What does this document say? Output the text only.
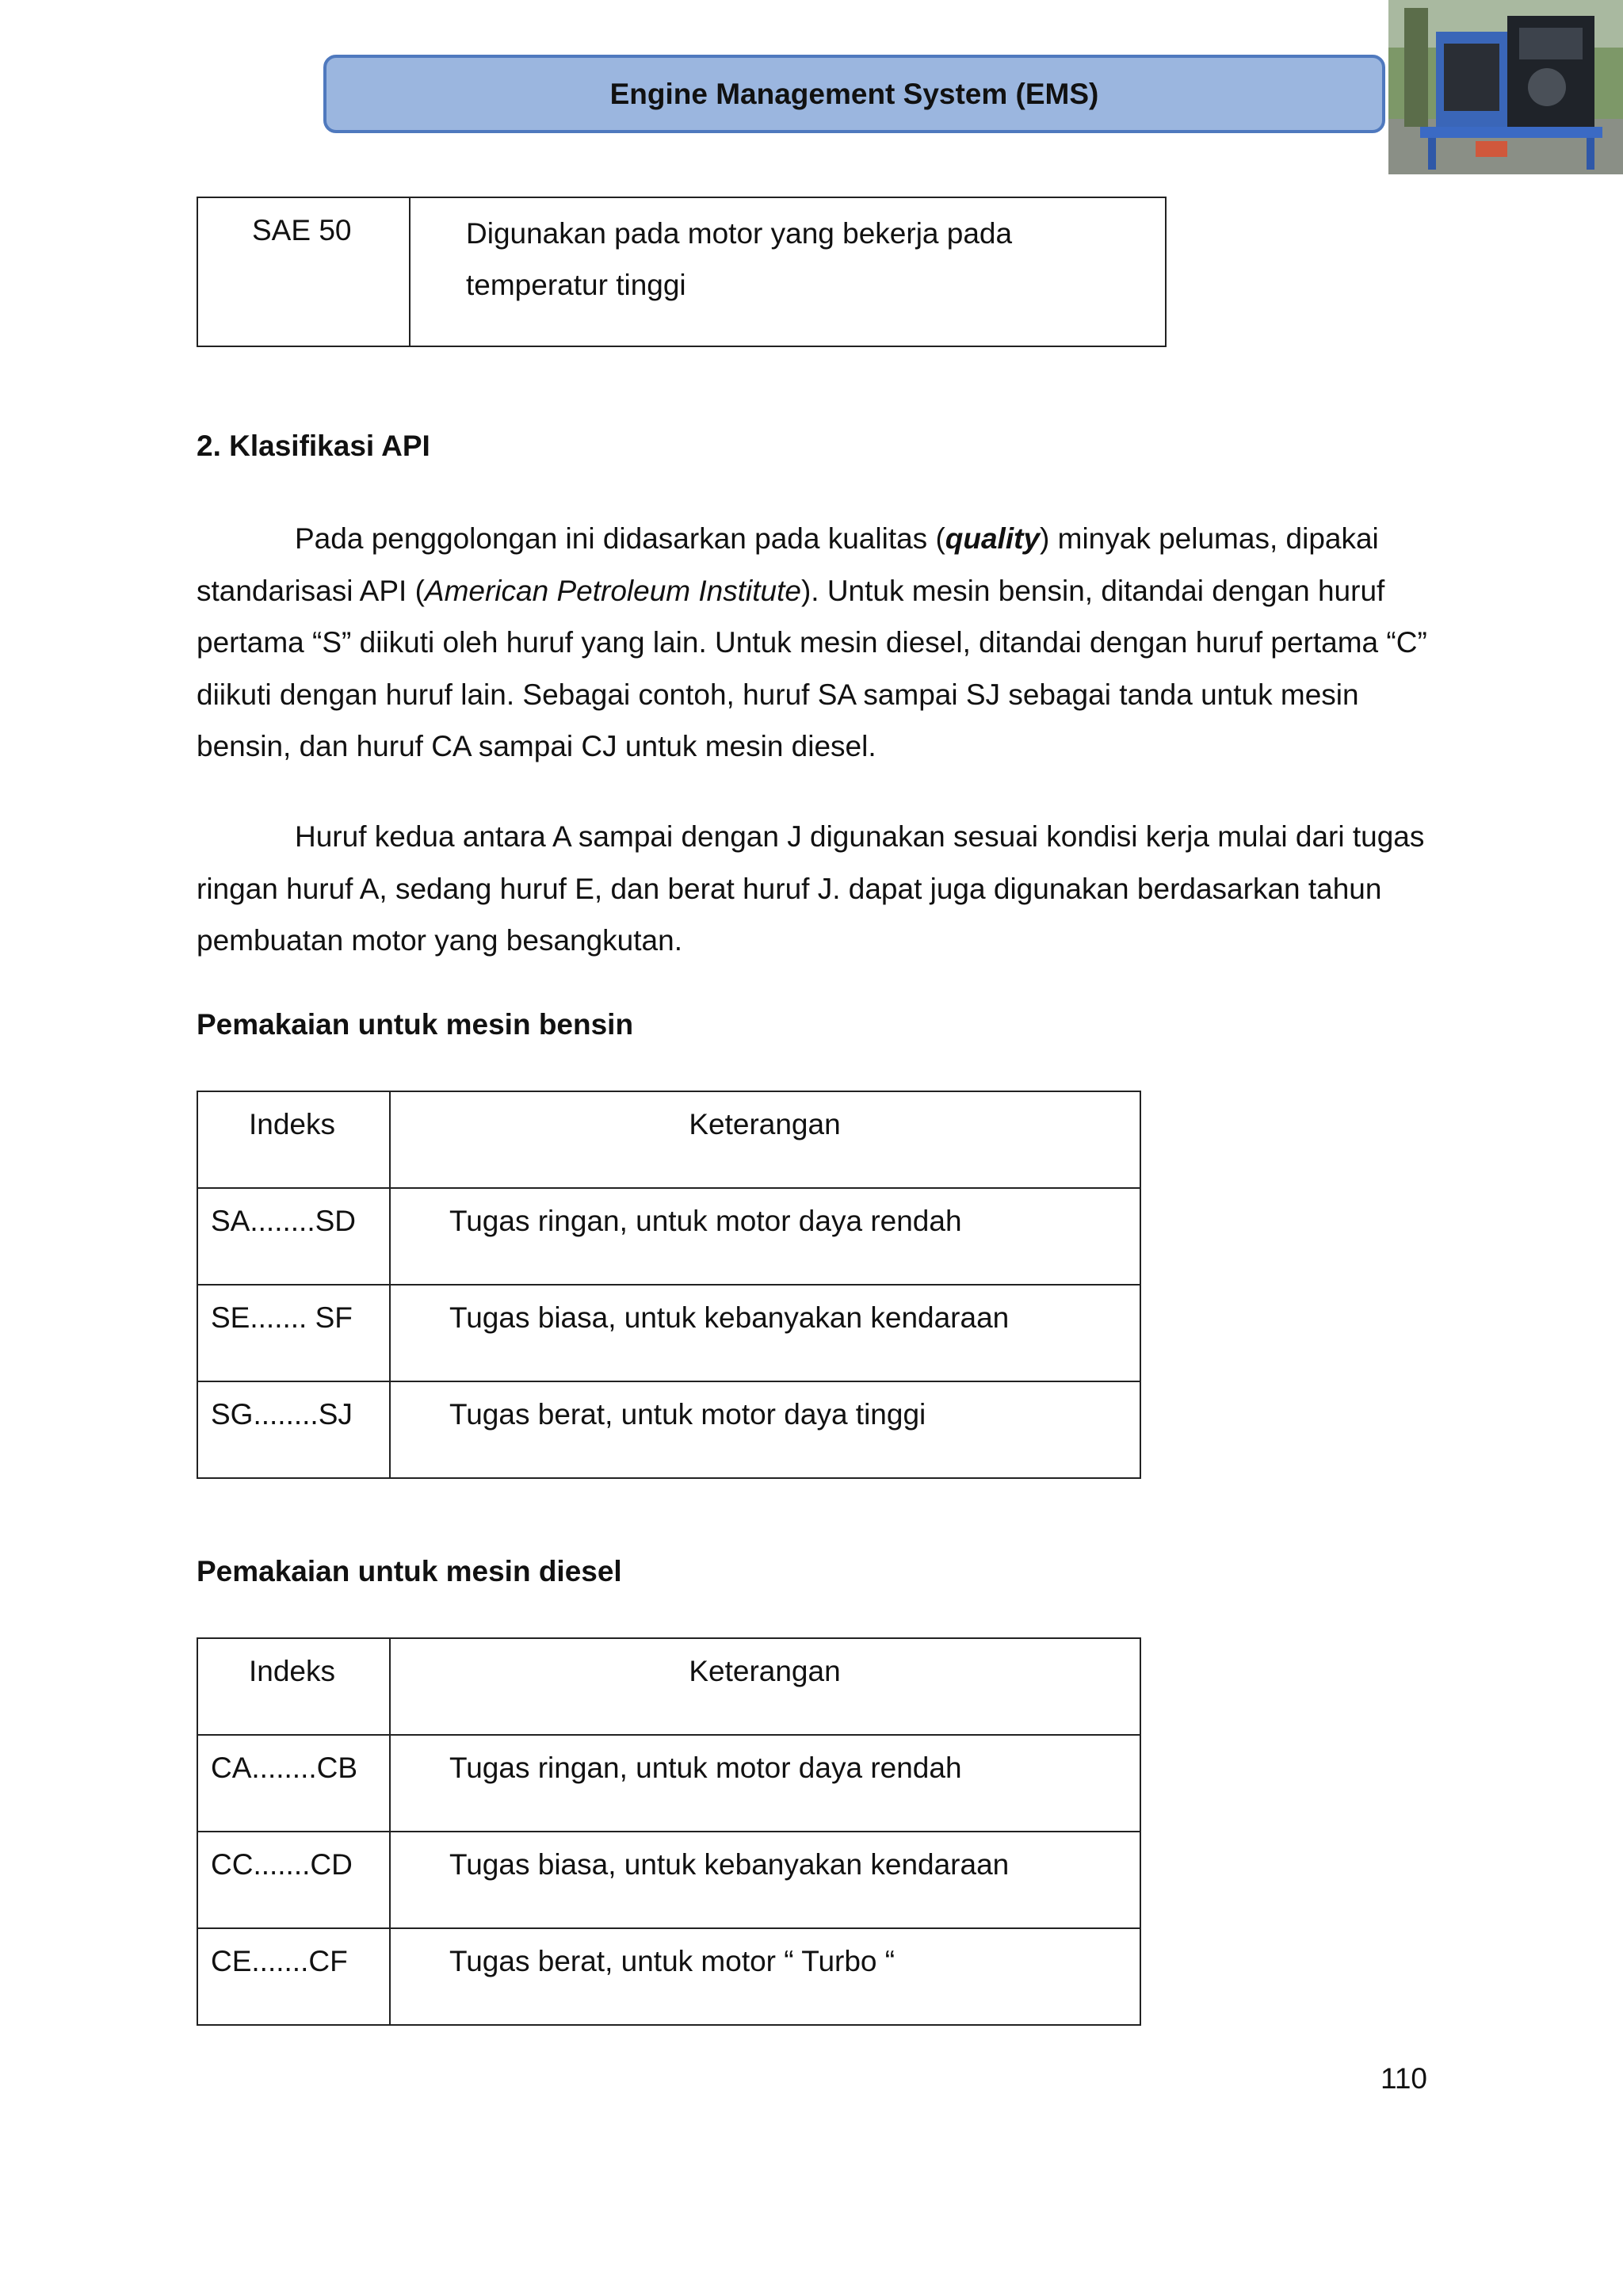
Engine Management System (EMS)
SAE 50	Digunakan pada motor yang bekerja pada
temperatur tinggi
2. Klasifikasi API
Pada penggolongan ini didasarkan pada kualitas (quality) minyak pelumas, dipakai standarisasi API (American Petroleum Institute). Untuk mesin bensin, ditandai dengan huruf pertama “S” diikuti oleh huruf yang lain. Untuk mesin diesel, ditandai dengan huruf pertama “C” diikuti dengan huruf lain. Sebagai contoh, huruf SA sampai SJ sebagai tanda untuk mesin bensin, dan huruf CA sampai CJ untuk mesin diesel.
Huruf kedua antara A sampai dengan J digunakan sesuai kondisi kerja mulai dari tugas ringan huruf A, sedang huruf E, dan berat huruf J. dapat juga digunakan berdasarkan tahun pembuatan motor yang besangkutan.
Pemakaian untuk mesin bensin
Indeks	Keterangan
SA........SD	Tugas ringan, untuk motor daya rendah
SE....... SF	Tugas biasa, untuk kebanyakan kendaraan
SG........SJ	Tugas berat, untuk motor daya tinggi
Pemakaian untuk mesin diesel
Indeks	Keterangan
CA........CB	Tugas ringan, untuk motor daya rendah
CC.......CD	Tugas biasa, untuk kebanyakan kendaraan
CE.......CF	Tugas berat, untuk motor “ Turbo “
110
